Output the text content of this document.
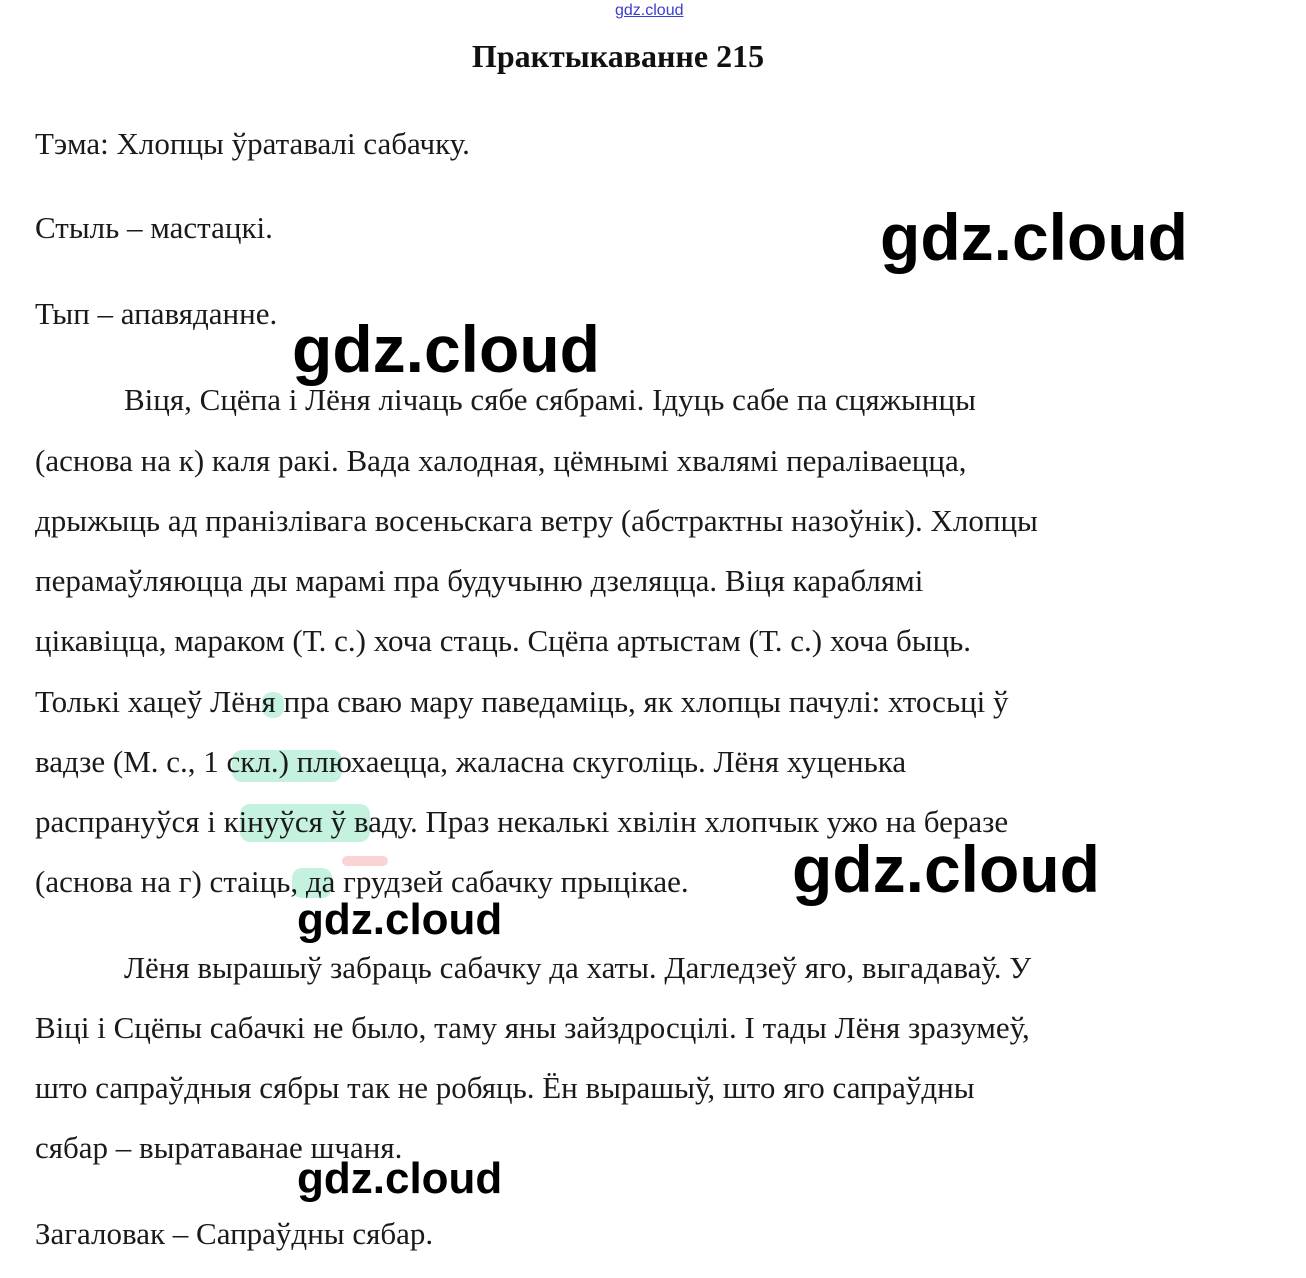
gdz.cloud
Практыкаванне 215
Тэма: Хлопцы ўратавалі сабачку.
Стыль – мастацкі.
Тып – апавяданне.
Віця, Сцёпа і Лёня лічаць сябе сябрамі. Ідуць сабе па сцяжынцы
(аснова на к) каля ракі. Вада халодная, цёмнымі хвалямі пераліваецца,
дрыжыць ад пранізлівага восеньскага ветру (абстрактны назоўнік). Хлопцы
перамаўляюцца ды марамі пра будучыню дзеляцца. Віця караблямі
цікавіцца, мараком (Т. с.) хоча стаць. Сцёпа артыстам (Т. с.) хоча быць.
Толькі хацеў Лёня пра сваю мару паведаміць, як хлопцы пачулі: хтосьці ў
вадзе (М. с., 1 скл.) плюхаецца, жаласна скуголіць. Лёня хуценька
распрануўся і кінуўся ў ваду. Праз некалькі хвілін хлопчык ужо на беразе
(аснова на г) стаіць, да грудзей сабачку прыцікае.
Лёня вырашыў забраць сабачку да хаты. Дагледзеў яго, выгадаваў. У
Віці і Сцёпы сабачкі не было, таму яны зайздросцілі. І тады Лёня зразумеў,
што сапраўдныя сябры так не робяць. Ён вырашыў, што яго сапраўдны
сябар – выратаванае шчаня.
Загаловак – Сапраўдны сябар.
gdz.cloud
gdz.cloud
gdz.cloud
gdz.cloud
gdz.cloud
